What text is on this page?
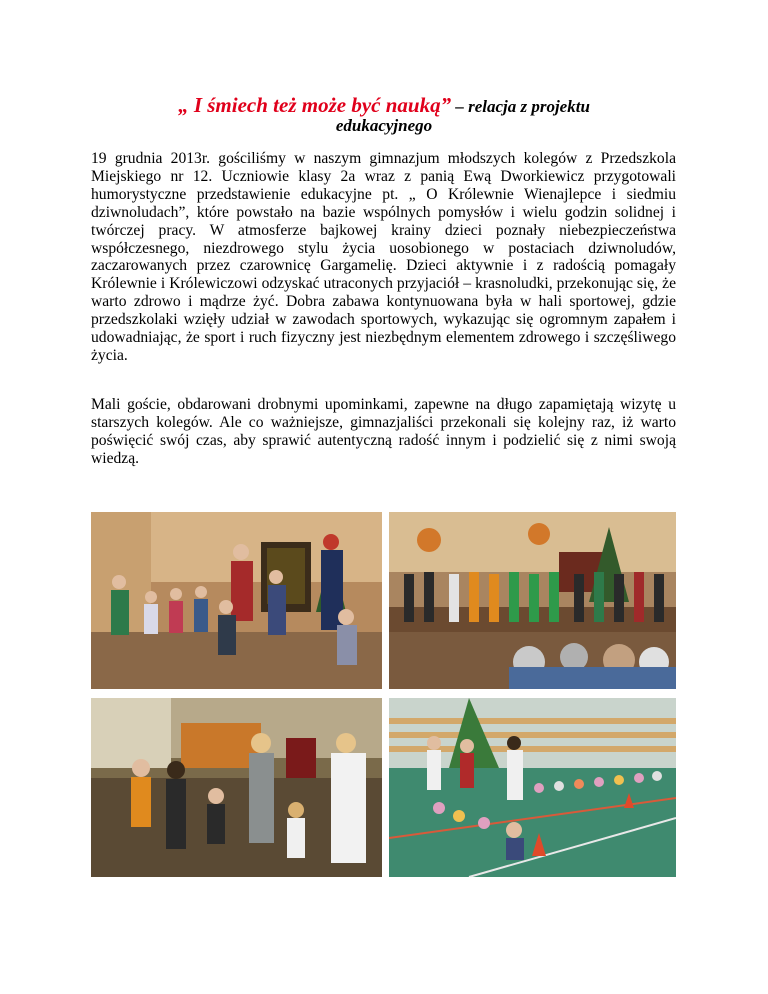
„ I śmiech też może być nauką” – relacja z projektu
edukacyjnego

19 grudnia 2013r. gościliśmy w naszym gimnazjum młodszych kolegów z Przedszkola Miejskiego nr 12. Uczniowie klasy 2a wraz z panią Ewą Dworkiewicz przygotowali humorystyczne przedstawienie edukacyjne pt. „ O Królewnie Wienajlepce i siedmiu dziwnoludach”, które powstało na bazie wspólnych pomysłów i wielu godzin solidnej i twórczej pracy. W atmosferze bajkowej krainy dzieci poznały niebezpieczeństwa współczesnego, niezdrowego stylu życia uosobionego w postaciach dziwnoludów, zaczarowanych przez czarownicę Gargamelię. Dzieci aktywnie i z radością pomagały Królewnie i Królewiczowi odzyskać utraconych przyjaciół – krasnoludki, przekonując się, że warto zdrowo i mądrze żyć. Dobra zabawa kontynuowana była w hali sportowej, gdzie przedszkolaki wzięły udział w zawodach sportowych, wykazując się ogromnym zapałem i udowadniając, że sport i ruch fizyczny jest niezbędnym elementem zdrowego i szczęśliwego życia.

Mali goście, obdarowani drobnymi upominkami, zapewne na długo zapamiętają wizytę u starszych kolegów. Ale co ważniejsze, gimnazjaliści przekonali się kolejny raz, iż warto poświęcić swój czas, aby sprawić autentyczną radość innym i podzielić się z nimi swoją wiedzą.
